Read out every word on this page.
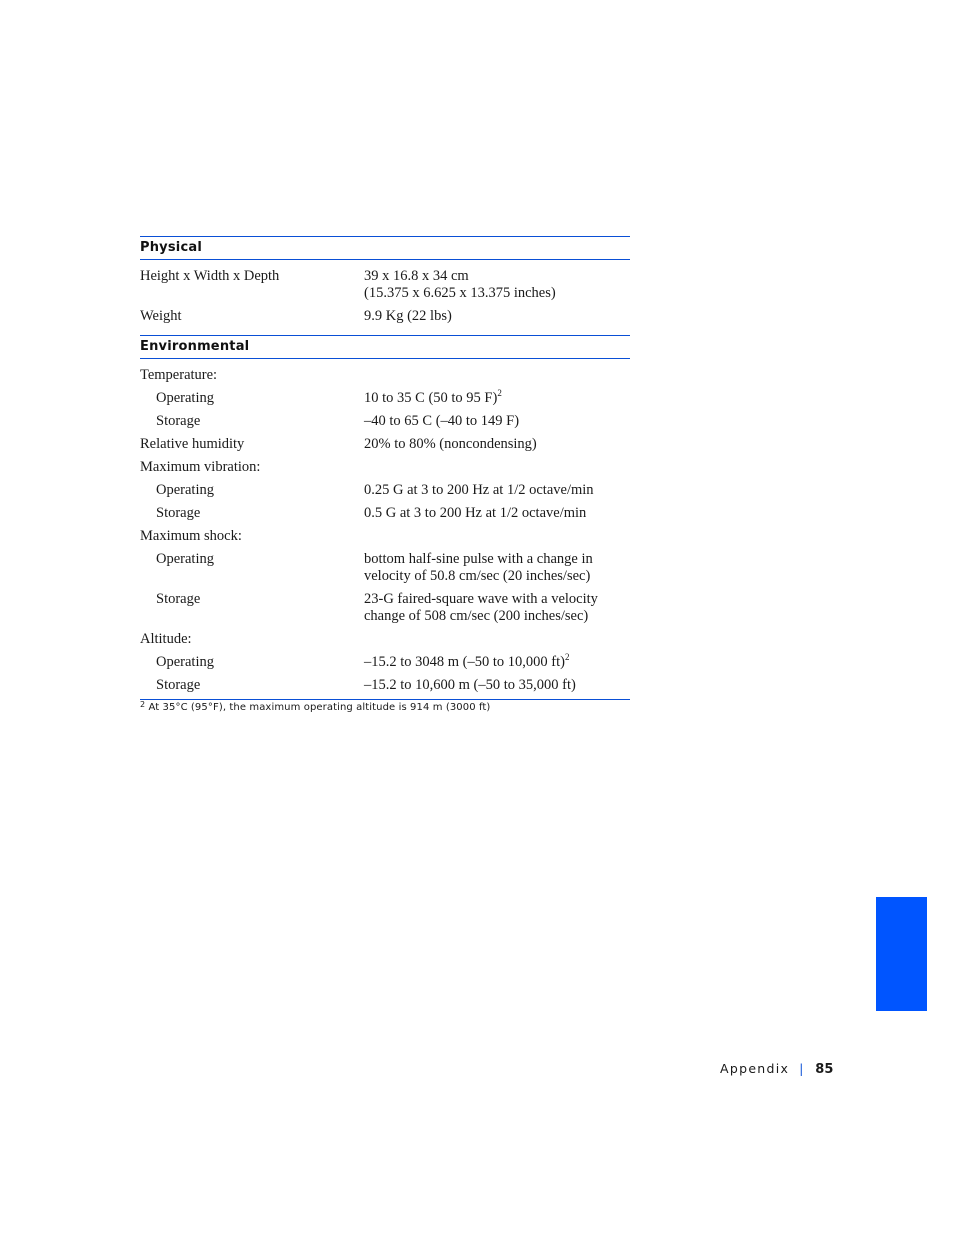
Physical
Height x Width x Depth	39 x 16.8 x 34 cm
(15.375 x 6.625 x 13.375 inches)
Weight	9.9 Kg (22 lbs)
Environmental
Temperature:
Operating	10 to 35 C (50 to 95 F)$^2$
Storage	–40 to 65 C (–40 to 149 F)
Relative humidity	20% to 80% (noncondensing)
Maximum vibration:
Operating	0.25 G at 3 to 200 Hz at 1/2 octave/min
Storage	0.5 G at 3 to 200 Hz at 1/2 octave/min
Maximum shock:
Operating	bottom half-sine pulse with a change in
velocity of 50.8 cm/sec (20 inches/sec)
Storage	23-G faired-square wave with a velocity
change of 508 cm/sec (200 inches/sec)
Altitude:
Operating	–15.2 to 3048 m (–50 to 10,000 ft)$^2$
Storage	–15.2 to 10,600 m (–50 to 35,000 ft)
$^2$ At 35°C (95°F), the maximum operating altitude is 914 m (3000 ft)
Appendix | 85
